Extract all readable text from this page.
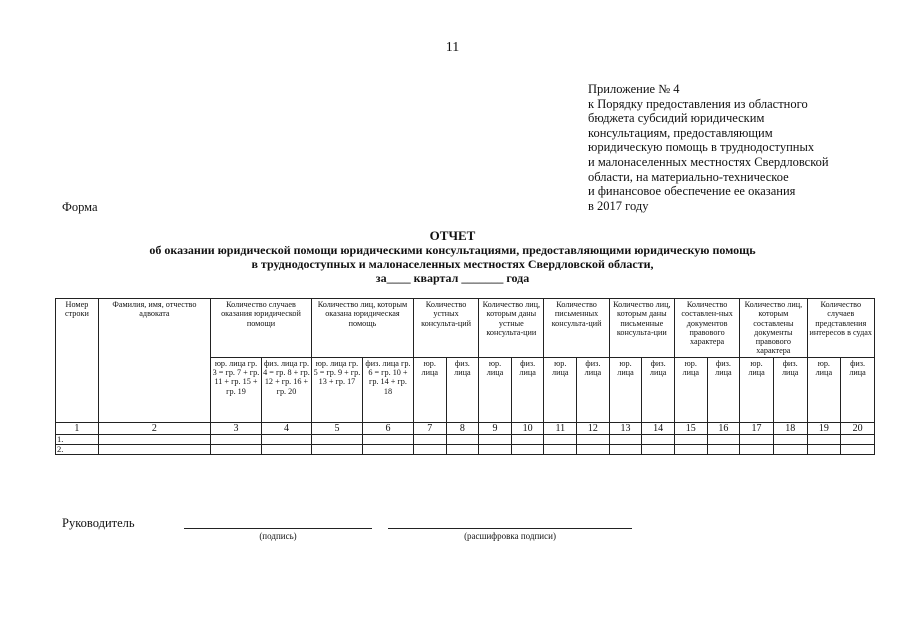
11
Приложение № 4
к Порядку предоставления из областного
бюджета субсидий юридическим
консультациям, предоставляющим
юридическую помощь в труднодоступных
и малонаселенных местностях Свердловской
области, на материально-техническое
и финансовое обеспечение ее оказания
в 2017 году
Форма
ОТЧЕТ
об оказании юридической помощи юридическими консультациями, предоставляющими юридическую помощь
в труднодоступных и малонаселенных местностях Свердловской области,
за____ квартал _______ года
Номер строки	Фамилия, имя, отчество адвоката	Количество случаев оказания юридической помощи		Количество лиц, которым оказана юридическая помощь		Количество устных консульта-ций		Количество лиц, которым даны устные консульта-ции		Количество письменных консульта-ций		Количество лиц, которым даны письменные консульта-ции		Количество составлен-ных документов правового характера		Количество лиц, которым составлены документы правового характера		Количество случаев представления интересов в судах	
		юр. лица гр. 3 = гр. 7 + гр. 11 + гр. 15 + гр. 19	физ. лица гр. 4 = гр. 8 + гр. 12 + гр. 16 + гр. 20	юр. лица гр. 5 = гр. 9 + гр. 13 + гр. 17	физ. лица гр. 6 = гр. 10 + гр. 14 + гр. 18	юр. лица	физ. лица	юр. лица	физ. лица	юр. лица	физ. лица	юр. лица	физ. лица	юр. лица	физ. лица	юр. лица	физ. лица	юр. лица	физ. лица
1	2	3	4	5	6	7	8	9	10	11	12	13	14	15	16	17	18	19	20
1.																			
2.																			
Руководитель
(подпись)	(расшифровка подписи)
